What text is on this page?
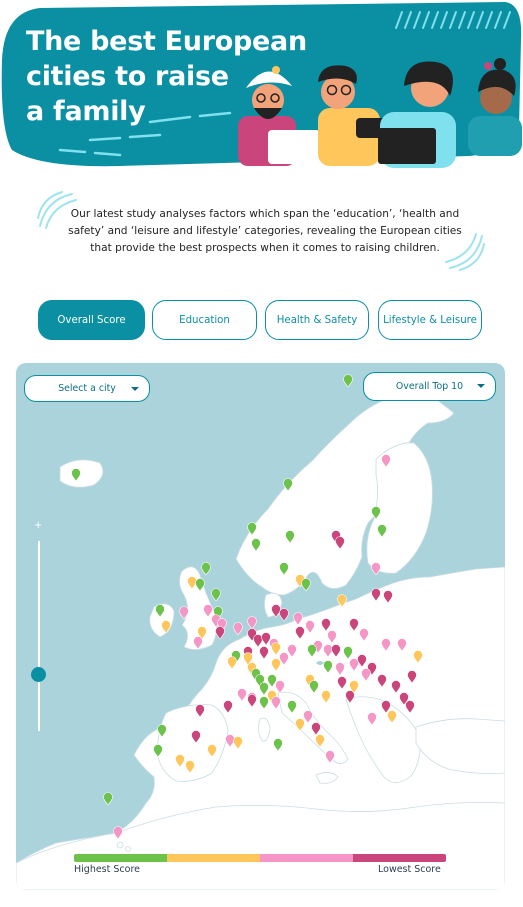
The best European
cities to raise
a family
Our latest study analyses factors which span the ‘education’, ‘health and
safety’ and ‘leisure and lifestyle’ categories, revealing the European cities
that provide the best prospects when it comes to raising children.
Overall Score	Education	Health & Safety	Lifestyle & Leisure
Select a city	Overall Top 10
+
Highest Score	Lowest Score
